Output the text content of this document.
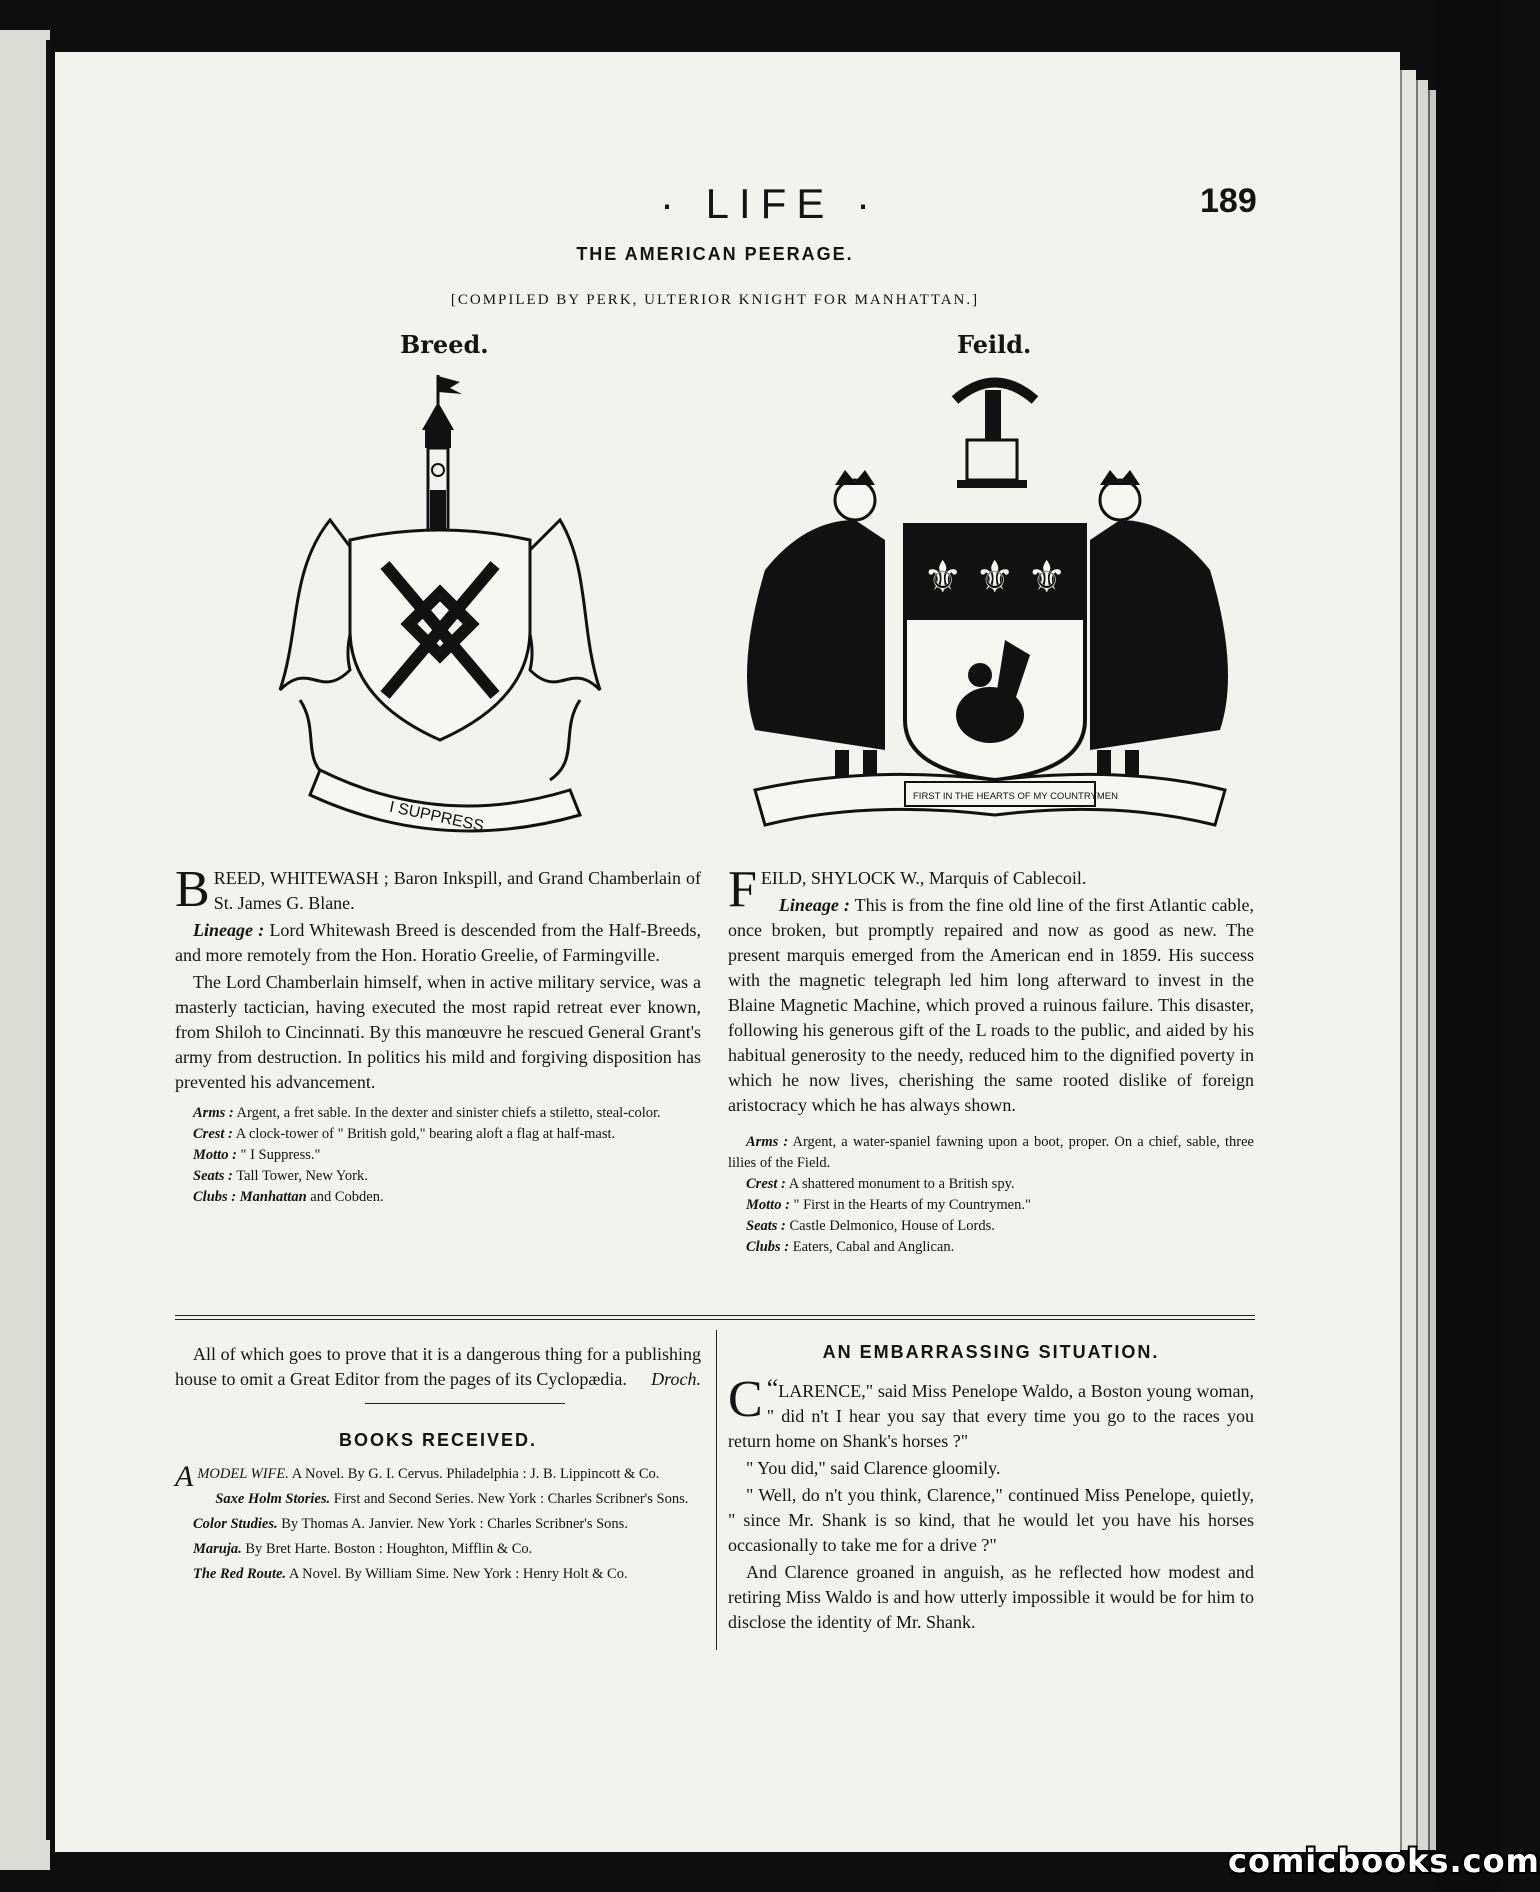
· LIFE ·	189
THE AMERICAN PEERAGE.
[COMPILED BY PERK, ULTERIOR KNIGHT FOR MANHATTAN.]
Breed.	Feild.
I SUPPRESS.
⚜ ⚜ ⚜
FIRST IN THE HEARTS OF MY COUNTRYMEN

BREED, WHITEWASH ; Baron Inkspill, and Grand Chamberlain of St. James G. Blane.

Lineage : Lord Whitewash Breed is descended from the Half-Breeds, and more remotely from the Hon. Horatio Greelie, of Farmingville.

The Lord Chamberlain himself, when in active military service, was a masterly tactician, having executed the most rapid retreat ever known, from Shiloh to Cincinnati. By this manœuvre he rescued General Grant's army from destruction. In politics his mild and forgiving disposition has prevented his advancement.

Arms : Argent, a fret sable. In the dexter and sinister chiefs a stiletto, steal-color.

Crest : A clock-tower of " British gold," bearing aloft a flag at half-mast.

Motto : " I Suppress."

Seats : Tall Tower, New York.

Clubs : Manhattan and Cobden.

FEILD, SHYLOCK W., Marquis of Cablecoil.

Lineage : This is from the fine old line of the first Atlantic cable, once broken, but promptly repaired and now as good as new. The present marquis emerged from the American end in 1859. His success with the magnetic telegraph led him long afterward to invest in the Blaine Magnetic Machine, which proved a ruinous failure. This disaster, following his generous gift of the L roads to the public, and aided by his habitual generosity to the needy, reduced him to the dignified poverty in which he now lives, cherishing the same rooted dislike of foreign aristocracy which he has always shown.

Arms : Argent, a water-spaniel fawning upon a boot, proper. On a chief, sable, three lilies of the Field.

Crest : A shattered monument to a British spy.

Motto : " First in the Hearts of my Countrymen."

Seats : Castle Delmonico, House of Lords.

Clubs : Eaters, Cabal and Anglican.

All of which goes to prove that it is a dangerous thing for a publishing house to omit a Great Editor from the pages of its Cyclopædia.	Droch.

BOOKS RECEIVED.

AMODEL WIFE. A Novel. By G. I. Cervus. Philadelphia : J. B. Lippincott & Co.

Saxe Holm Stories. First and Second Series. New York : Charles Scribner's Sons.

Color Studies. By Thomas A. Janvier. New York : Charles Scribner's Sons.

Maruja. By Bret Harte. Boston : Houghton, Mifflin & Co.

The Red Route. A Novel. By William Sime. New York : Henry Holt & Co.

AN EMBARRASSING SITUATION.

“
C LARENCE," said Miss Penelope Waldo, a Boston young woman, " did n't I hear you say that every time you go to the races you return home on Shank's horses ?"

" You did," said Clarence gloomily.

" Well, do n't you think, Clarence," continued Miss Penelope, quietly, " since Mr. Shank is so kind, that he would let you have his horses occasionally to take me for a drive ?"

And Clarence groaned in anguish, as he reflected how modest and retiring Miss Waldo is and how utterly impossible it would be for him to disclose the identity of Mr. Shank.

comicbooks.com
